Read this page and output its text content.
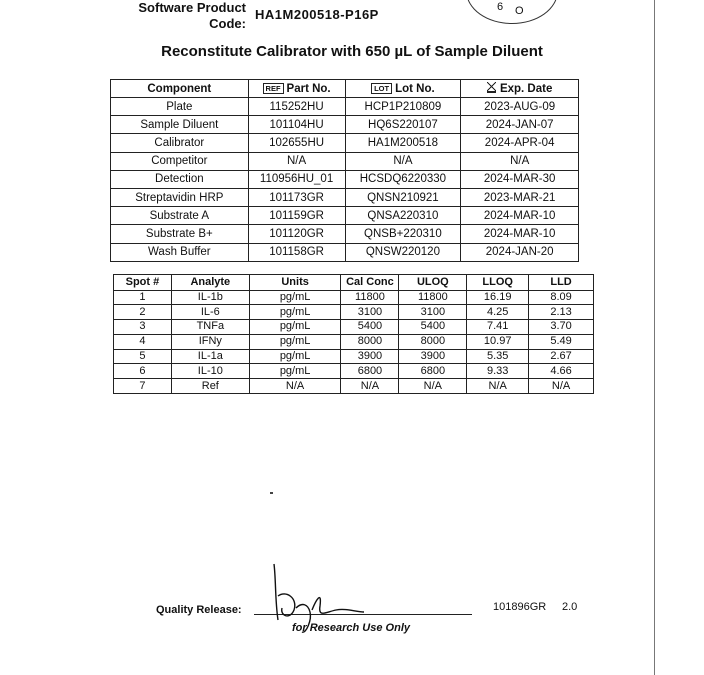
Software Product Code:
HA1M200518-P16P	6 O
Reconstitute Calibrator with 650 µL of Sample Diluent
Component	REF Part No.	LOT Lot No.	Exp. Date
Plate	115252HU	HCP1P210809	2023-AUG-09
Sample Diluent	101104HU	HQ6S220107	2024-JAN-07
Calibrator	102655HU	HA1M200518	2024-APR-04
Competitor	N/A	N/A	N/A
Detection	110956HU_01	HCSDQ6220330	2024-MAR-30
Streptavidin HRP	101173GR	QNSN210921	2023-MAR-21
Substrate A	101159GR	QNSA220310	2024-MAR-10
Substrate B+	101120GR	QNSB+220310	2024-MAR-10
Wash Buffer	101158GR	QNSW220120	2024-JAN-20
Spot #	Analyte	Units	Cal Conc	ULOQ	LLOQ	LLD
1	IL-1b	pg/mL	11800	11800	16.19	8.09
2	IL-6	pg/mL	3100	3100	4.25	2.13
3	TNFa	pg/mL	5400	5400	7.41	3.70
4	IFNy	pg/mL	8000	8000	10.97	5.49
5	IL-1a	pg/mL	3900	3900	5.35	2.67
6	IL-10	pg/mL	6800	6800	9.33	4.66
7	Ref	N/A	N/A	N/A	N/A	N/A
Quality Release:	101896GR 2.0
for Research Use Only
